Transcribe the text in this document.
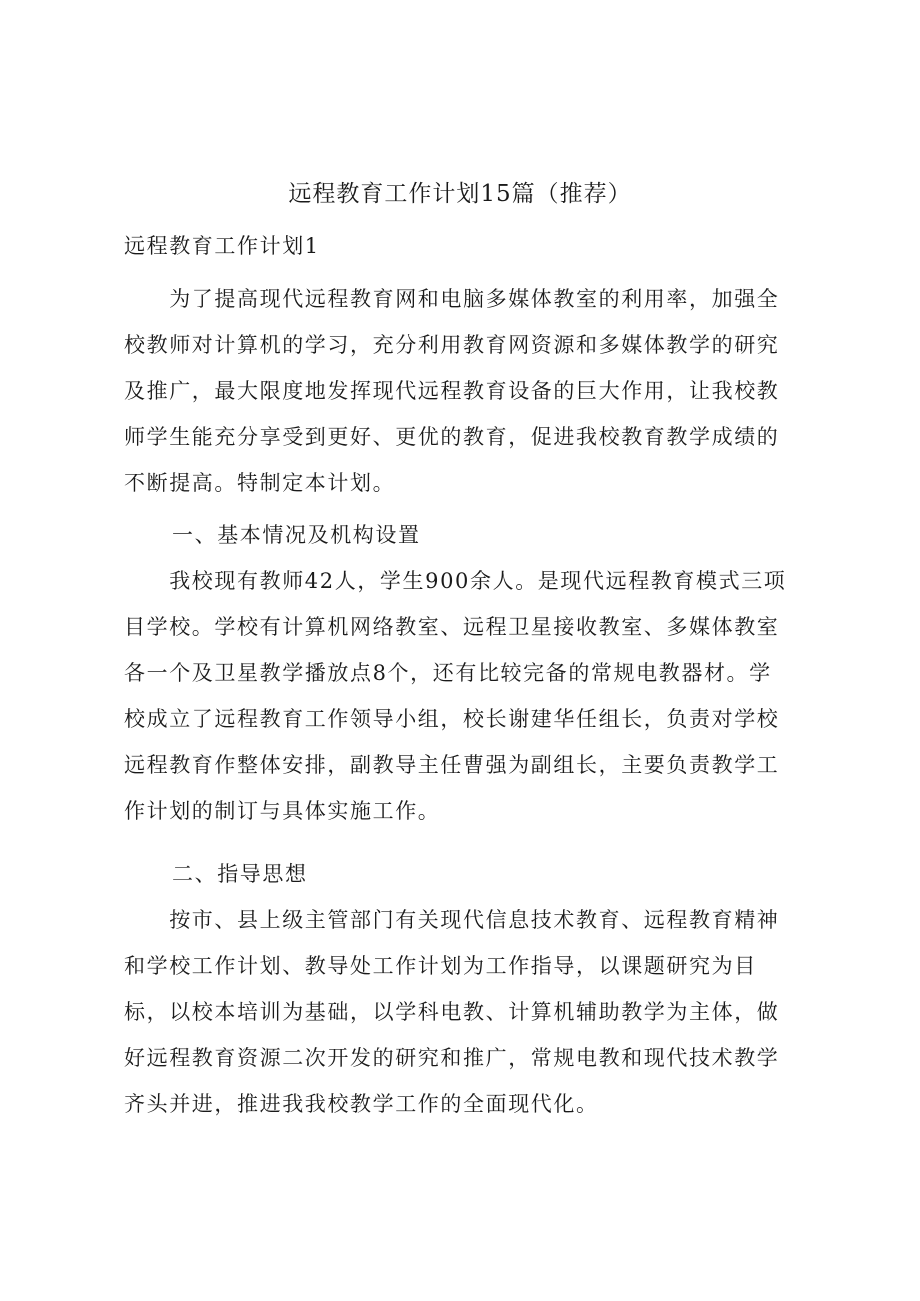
远程教育工作计划15篇（推荐）
远程教育工作计划1
　　为了提高现代远程教育网和电脑多媒体教室的利用率，加强全
校教师对计算机的学习，充分利用教育网资源和多媒体教学的研究
及推广，最大限度地发挥现代远程教育设备的巨大作用，让我校教
师学生能充分享受到更好、更优的教育，促进我校教育教学成绩的
不断提高。特制定本计划。
一、基本情况及机构设置
　　我校现有教师42人，学生900余人。是现代远程教育模式三项
目学校。学校有计算机网络教室、远程卫星接收教室、多媒体教室
各一个及卫星教学播放点8个，还有比较完备的常规电教器材。学
校成立了远程教育工作领导小组，校长谢建华任组长，负责对学校
远程教育作整体安排，副教导主任曹强为副组长，主要负责教学工
作计划的制订与具体实施工作。
二、指导思想
　　按市、县上级主管部门有关现代信息技术教育、远程教育精神
和学校工作计划、教导处工作计划为工作指导，以课题研究为目
标，以校本培训为基础，以学科电教、计算机辅助教学为主体，做
好远程教育资源二次开发的研究和推广，常规电教和现代技术教学
齐头并进，推进我我校教学工作的全面现代化。
